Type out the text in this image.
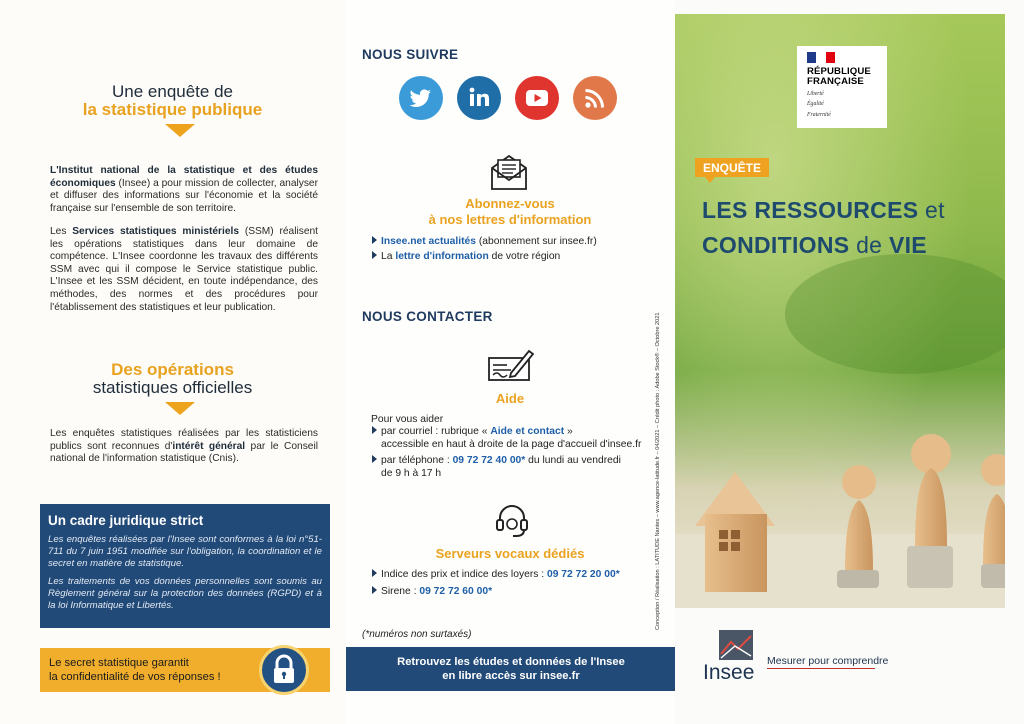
Une enquête de
la statistique publique
L'Institut national de la statistique et des études économiques (Insee) a pour mission de collecter, analyser et diffuser des informations sur l'économie et la société française sur l'ensemble de son territoire.
Les Services statistiques ministériels (SSM) réalisent les opérations statistiques dans leur domaine de compétence. L'Insee coordonne les travaux des différents SSM avec qui il compose le Service statistique public. L'Insee et les SSM décident, en toute indépendance, des méthodes, des normes et des procédures pour l'établissement des statistiques et leur publication.
Des opérations
statistiques officielles
Les enquêtes statistiques réalisées par les statisticiens publics sont reconnues d'intérêt général par le Conseil national de l'information statistique (Cnis).
Un cadre juridique strict
Les enquêtes réalisées par l'Insee sont conformes à la loi n°51-711 du 7 juin 1951 modifiée sur l'obligation, la coordination et le secret en matière de statistique.
Les traitements de vos données personnelles sont soumis au Règlement général sur la protection des données (RGPD) et à la loi Informatique et Libertés.
Le secret statistique garantit
la confidentialité de vos réponses !
NOUS SUIVRE
Abonnez-vous
à nos lettres d'information
Insee.net actualités (abonnement sur insee.fr)
La lettre d'information de votre région
NOUS CONTACTER
Aide
Pour vous aider
par courriel : rubrique « Aide et contact »
accessible en haut à droite de la page d'accueil d'insee.fr
par téléphone : 09 72 72 40 00* du lundi au vendredi
de 9 h à 17 h
Serveurs vocaux dédiés
Indice des prix et indice des loyers : 09 72 72 20 00*
Sirene : 09 72 72 60 00*
(*numéros non surtaxés)
Retrouvez les études et données de l'Insee
en libre accès sur insee.fr
Conception / Réalisation : LATITUDE Nantes – www.agence-latitude.fr – 04/2021 – Crédit photo : Adobe Stock® – Octobre 2021
RÉPUBLIQUE
FRANÇAISE
Liberté
Égalité
Fraternité
ENQUÊTE
LES RESSOURCES et
CONDITIONS de VIE
Insee Mesurer pour comprendre
